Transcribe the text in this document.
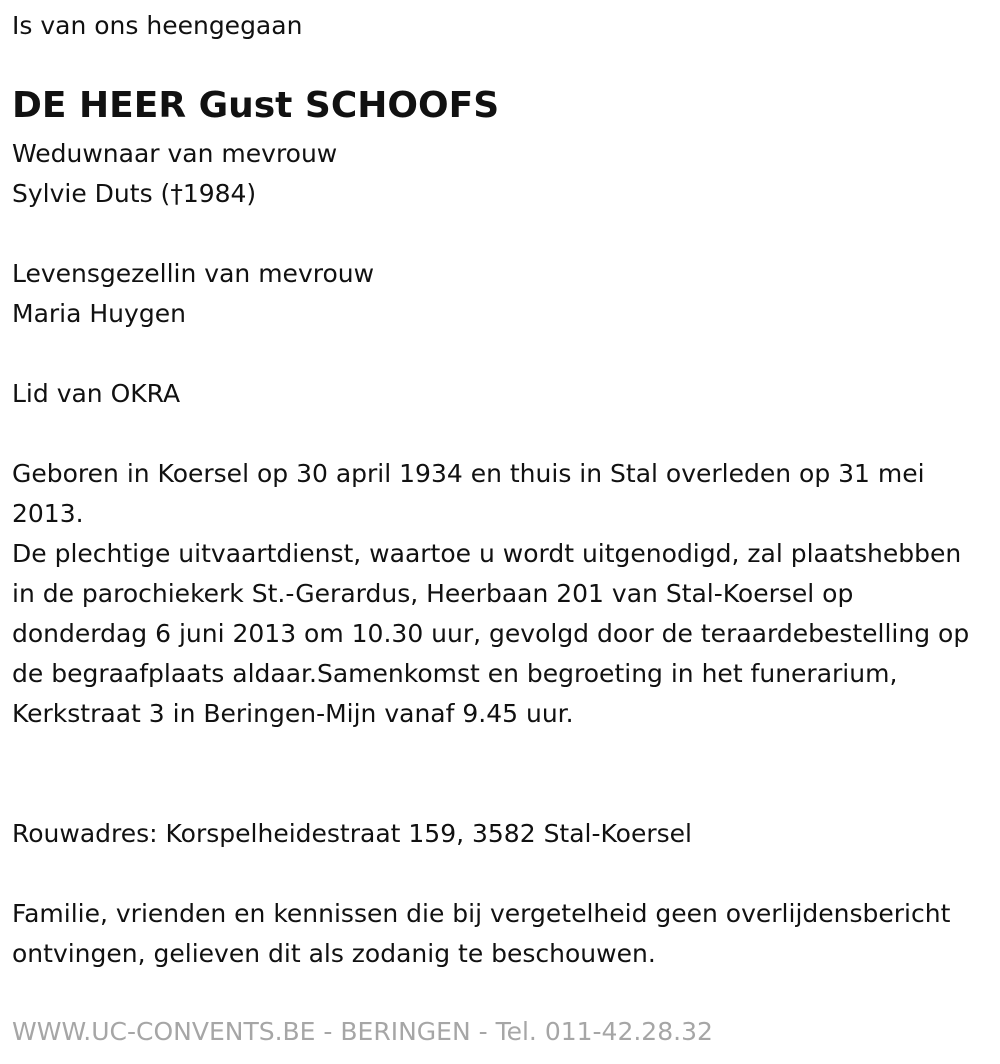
Is van ons heengegaan

DE HEER Gust SCHOOFS

Weduwnaar van mevrouw

Sylvie Duts (†1984)

Levensgezellin van mevrouw

Maria Huygen

Lid van OKRA

Geboren in Koersel op 30 april 1934 en thuis in Stal overleden op 31 mei 2013.

De plechtige uitvaartdienst, waartoe u wordt uitgenodigd, zal plaatshebben in de parochiekerk St.-Gerardus, Heerbaan 201 van Stal-Koersel op donderdag 6 juni 2013 om 10.30 uur, gevolgd door de teraardebestelling op de begraafplaats aldaar.Samenkomst en begroeting in het funerarium, Kerkstraat 3 in Beringen-Mijn vanaf 9.45 uur.

Rouwadres: Korspelheidestraat 159, 3582 Stal-Koersel

Familie, vrienden en kennissen die bij vergetelheid geen overlijdensbericht ontvingen, gelieven dit als zodanig te beschouwen.

WWW.UC-CONVENTS.BE - BERINGEN - Tel. 011-42.28.32
